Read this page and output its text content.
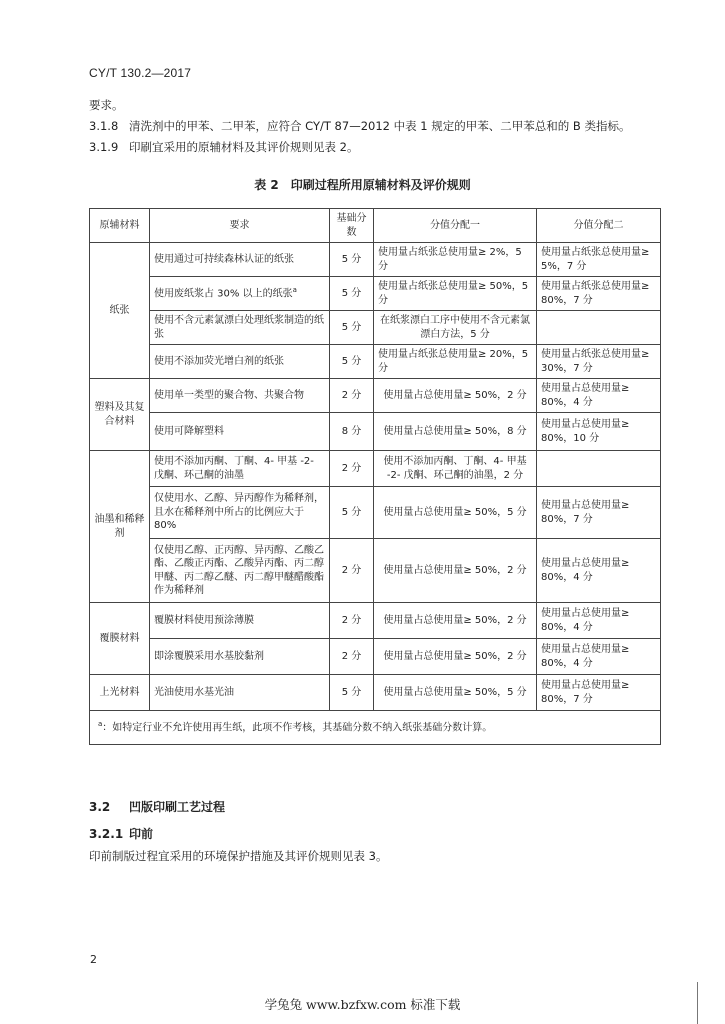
CY/T 130.2—2017
要求。
3.1.8 清洗剂中的甲苯、二甲苯，应符合 CY/T 87—2012 中表 1 规定的甲苯、二甲苯总和的 B 类指标。
3.1.9 印刷宜采用的原辅材料及其评价规则见表 2。
表 2　印刷过程所用原辅材料及评价规则
原辅材料	要求	基础分数	分值分配一	分值分配二
纸张	使用通过可持续森林认证的纸张	5 分	使用量占纸张总使用量≥ 2%，5 分	使用量占纸张总使用量≥ 5%，7 分
	使用废纸浆占 30% 以上的纸张$^a$	5 分	使用量占纸张总使用量≥ 50%，5 分	使用量占纸张总使用量≥ 80%，7 分
	使用不含元素氯漂白处理纸浆制造的纸张	5 分	在纸浆漂白工序中使用不含元素氯漂白方法，5 分	
	使用不添加荧光增白剂的纸张	5 分	使用量占纸张总使用量≥ 20%，5 分	使用量占纸张总使用量≥ 30%，7 分
塑料及其复合材料	使用单一类型的聚合物、共聚合物	2 分	使用量占总使用量≥ 50%，2 分	使用量占总使用量≥ 80%，4 分
	使用可降解塑料	8 分	使用量占总使用量≥ 50%，8 分	使用量占总使用量≥ 80%，10 分
油墨和稀释剂	使用不添加丙酮、丁酮、4- 甲基 -2- 戊酮、环己酮的油墨	2 分	使用不添加丙酮、丁酮、4- 甲基 -2- 戊酮、环己酮的油墨，2 分	
	仅使用水、乙醇、异丙醇作为稀释剂，且水在稀释剂中所占的比例应大于 80%	5 分	使用量占总使用量≥ 50%，5 分	使用量占总使用量≥ 80%，7 分
	仅使用乙醇、正丙醇、异丙醇、乙酸乙酯、乙酸正丙酯、乙酸异丙酯、丙二醇甲醚、丙二醇乙醚、丙二醇甲醚醋酸酯作为稀释剂	2 分	使用量占总使用量≥ 50%，2 分	使用量占总使用量≥ 80%，4 分
覆膜材料	覆膜材料使用预涂薄膜	2 分	使用量占总使用量≥ 50%，2 分	使用量占总使用量≥ 80%，4 分
	即涂覆膜采用水基胶黏剂	2 分	使用量占总使用量≥ 50%，2 分	使用量占总使用量≥ 80%，4 分
上光材料	光油使用水基光油	5 分	使用量占总使用量≥ 50%，5 分	使用量占总使用量≥ 80%，7 分
$^a$：如特定行业不允许使用再生纸，此项不作考核，其基础分数不纳入纸张基础分数计算。				
3.2 凹版印刷工艺过程
3.2.1 印前
印前制版过程宜采用的环境保护措施及其评价规则见表 3。
2
学兔兔 www.bzfxw.com 标准下载
